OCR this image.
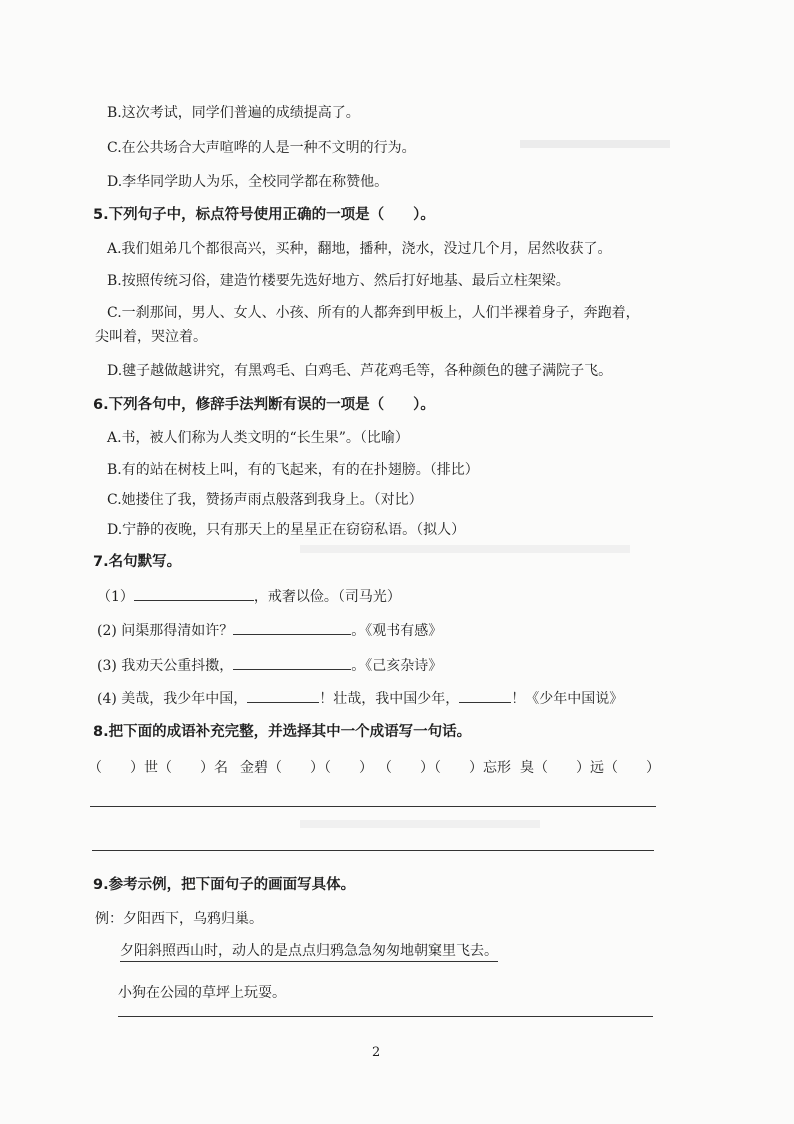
B.这次考试，同学们普遍的成绩提高了。
C.在公共场合大声喧哗的人是一种不文明的行为。
D.李华同学助人为乐，全校同学都在称赞他。
5.下列句子中，标点符号使用正确的一项是（　　）。
A.我们姐弟几个都很高兴，买种，翻地，播种，浇水，没过几个月，居然收获了。
B.按照传统习俗，建造竹楼要先选好地方、然后打好地基、最后立柱架梁。
C.一刹那间，男人、女人、小孩、所有的人都奔到甲板上，人们半裸着身子，奔跑着，
尖叫着，哭泣着。
D.毽子越做越讲究，有黑鸡毛、白鸡毛、芦花鸡毛等，各种颜色的毽子满院子飞。
6.下列各句中，修辞手法判断有误的一项是（　　）。
A.书，被人们称为人类文明的“长生果”。（比喻）
B.有的站在树枝上叫，有的飞起来，有的在扑翅膀。（排比）
C.她搂住了我，赞扬声雨点般落到我身上。（对比）
D.宁静的夜晚，只有那天上的星星正在窃窃私语。（拟人）
7.名句默写。
（1）	，戒奢以俭。（司马光）
(2) 问渠那得清如许？	。《观书有感》
(3) 我劝天公重抖擞，	。《己亥杂诗》
(4) 美哉，我少年中国，	！壮哉，我中国少年，	！《少年中国说》
8.把下面的成语补充完整，并选择其中一个成语写一句话。
（　　）世（　　）名 金碧（　　）（　　） （　　）（　　）忘形 臭（　　）远（　　）
9.参考示例，把下面句子的画面写具体。
例：夕阳西下，乌鸦归巢。
夕阳斜照西山时，动人的是点点归鸦急急匆匆地朝窠里飞去。
小狗在公园的草坪上玩耍。
2
